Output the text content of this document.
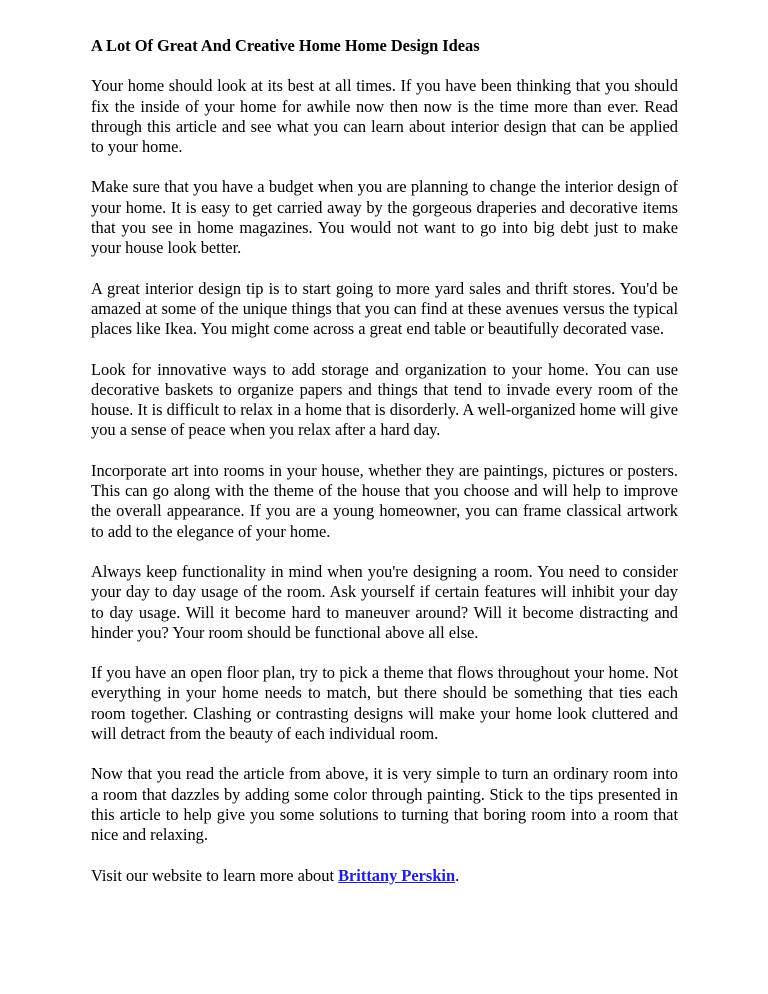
A Lot Of Great And Creative Home Home Design Ideas

Your home should look at its best at all times. If you have been thinking that you should fix the inside of your home for awhile now then now is the time more than ever. Read through this article and see what you can learn about interior design that can be applied to your home.

Make sure that you have a budget when you are planning to change the interior design of your home. It is easy to get carried away by the gorgeous draperies and decorative items that you see in home magazines. You would not want to go into big debt just to make your house look better.

A great interior design tip is to start going to more yard sales and thrift stores. You'd be amazed at some of the unique things that you can find at these avenues versus the typical places like Ikea. You might come across a great end table or beautifully decorated vase.

Look for innovative ways to add storage and organization to your home. You can use decorative baskets to organize papers and things that tend to invade every room of the house. It is difficult to relax in a home that is disorderly. A well-organized home will give you a sense of peace when you relax after a hard day.

Incorporate art into rooms in your house, whether they are paintings, pictures or posters. This can go along with the theme of the house that you choose and will help to improve the overall appearance. If you are a young homeowner, you can frame classical artwork to add to the elegance of your home.

Always keep functionality in mind when you're designing a room. You need to consider your day to day usage of the room. Ask yourself if certain features will inhibit your day to day usage. Will it become hard to maneuver around? Will it become distracting and hinder you? Your room should be functional above all else.

If you have an open floor plan, try to pick a theme that flows throughout your home. Not everything in your home needs to match, but there should be something that ties each room together. Clashing or contrasting designs will make your home look cluttered and will detract from the beauty of each individual room.

Now that you read the article from above, it is very simple to turn an ordinary room into a room that dazzles by adding some color through painting. Stick to the tips presented in this article to help give you some solutions to turning that boring room into a room that nice and relaxing.

Visit our website to learn more about Brittany Perskin.
